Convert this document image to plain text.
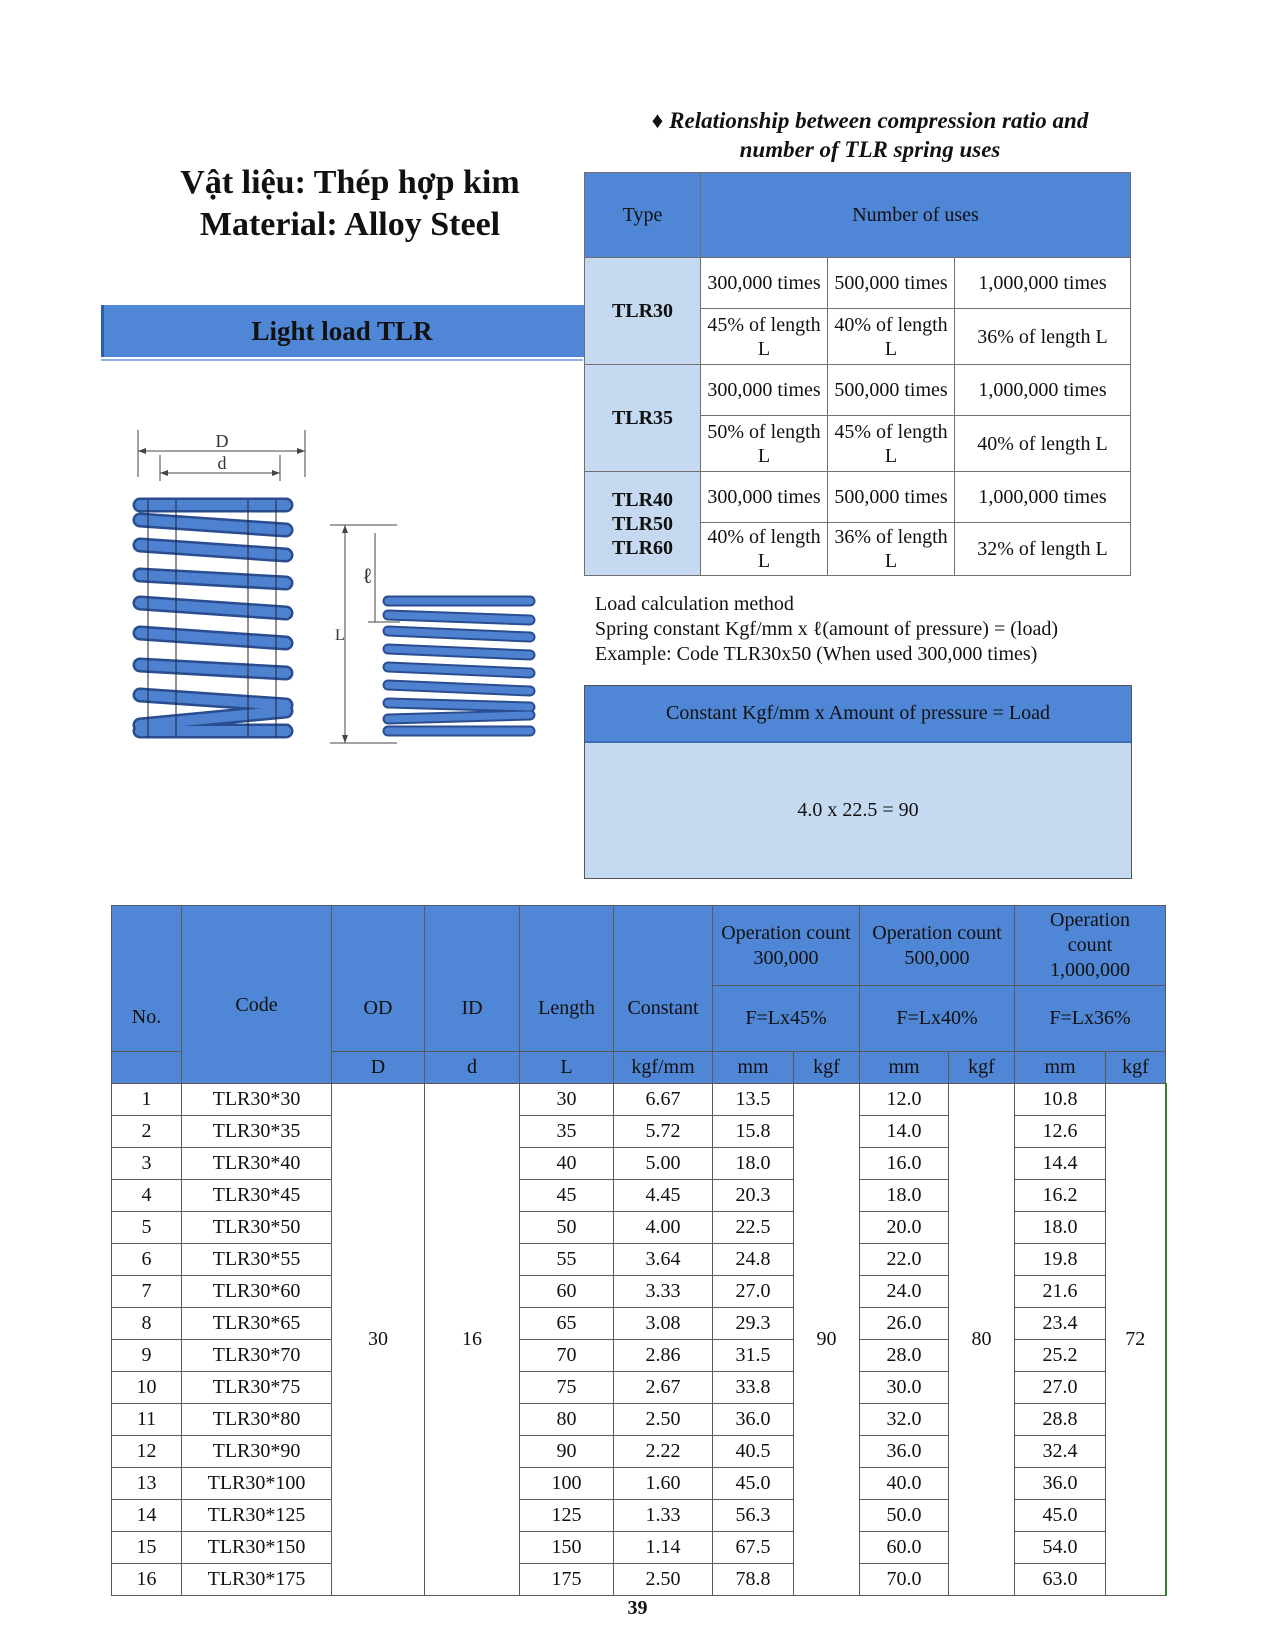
Vật liệu: Thép hợp kim
Material: Alloy Steel
Light load TLR
D
d
L
ℓ
♦ Relationship between compression ratio and
number of TLR spring uses
Type	Number of uses		
TLR30	300,000 times	500,000 times	1,000,000 times
	45% of length L	40% of length L	36% of length L
TLR35	300,000 times	500,000 times	1,000,000 times
	50% of length L	45% of length L	40% of length L
TLR40 TLR50 TLR60	300,000 times	500,000 times	1,000,000 times
	40% of length L	36% of length L	32% of length L
Load calculation method
Spring constant Kgf/mm x ℓ(amount of pressure) = (load)
Example: Code TLR30x50 (When used 300,000 times)
Constant Kgf/mm x Amount of pressure = Load
4.0 x 22.5 = 90
No.	Code	OD	ID	Length	Constant	Operation count 300,000		Operation count 500,000		Operation count 1,000,000	
						F=Lx45%		F=Lx40%		F=Lx36%	
		D	d	L	kgf/mm	mm	kgf	mm	kgf	mm	kgf
1	TLR30*30	30	16	30	6.67	13.5	90	12.0	80	10.8	72
2	TLR30*35			35	5.72	15.8		14.0		12.6	
3	TLR30*40			40	5.00	18.0		16.0		14.4	
4	TLR30*45			45	4.45	20.3		18.0		16.2	
5	TLR30*50			50	4.00	22.5		20.0		18.0	
6	TLR30*55			55	3.64	24.8		22.0		19.8	
7	TLR30*60			60	3.33	27.0		24.0		21.6	
8	TLR30*65			65	3.08	29.3		26.0		23.4	
9	TLR30*70			70	2.86	31.5		28.0		25.2	
10	TLR30*75			75	2.67	33.8		30.0		27.0	
11	TLR30*80			80	2.50	36.0		32.0		28.8	
12	TLR30*90			90	2.22	40.5		36.0		32.4	
13	TLR30*100			100	1.60	45.0		40.0		36.0	
14	TLR30*125			125	1.33	56.3		50.0		45.0	
15	TLR30*150			150	1.14	67.5		60.0		54.0	
16	TLR30*175			175	2.50	78.8		70.0		63.0	
39
